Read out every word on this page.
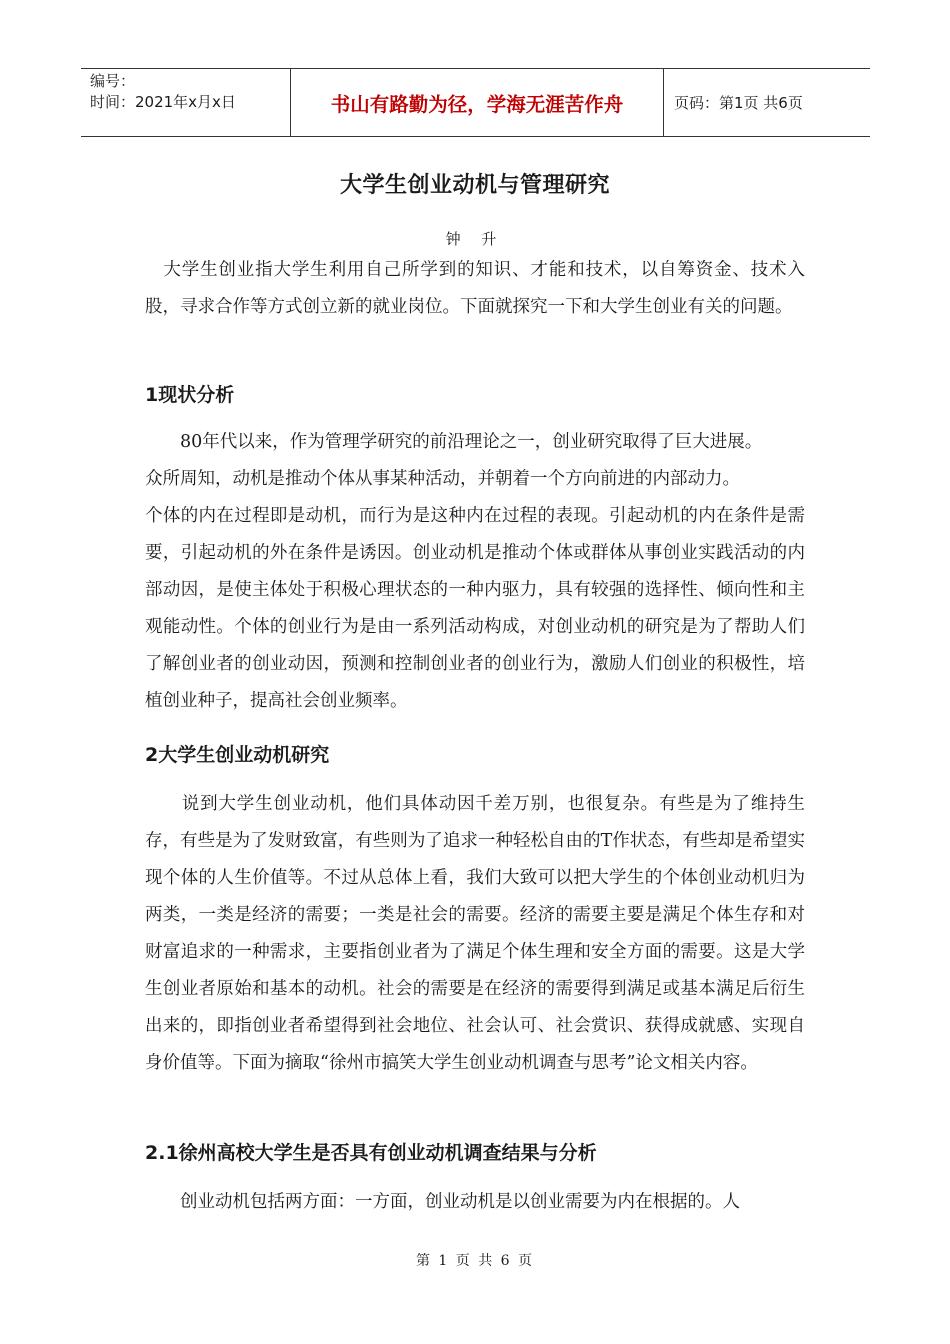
编号：
时间：2021年x月x日	书山有路勤为径，学海无涯苦作舟	页码：第1页 共6页
大学生创业动机与管理研究
钟 升
　大学生创业指大学生利用自己所学到的知识、才能和技术，以自筹资金、技术入股，寻求合作等方式创立新的就业岗位。下面就探究一下和大学生创业有关的问题。
1现状分析
　　80年代以来，作为管理学研究的前沿理论之一，创业研究取得了巨大进展。
众所周知，动机是推动个体从事某种活动，并朝着一个方向前进的内部动力。
个体的内在过程即是动机，而行为是这种内在过程的表现。引起动机的内在条件是需要，引起动机的外在条件是诱因。创业动机是推动个体或群体从事创业实践活动的内部动因，是使主体处于积极心理状态的一种内驱力，具有较强的选择性、倾向性和主观能动性。个体的创业行为是由一系列活动构成，对创业动机的研究是为了帮助人们了解创业者的创业动因，预测和控制创业者的创业行为，激励人们创业的积极性，培植创业种子，提高社会创业频率。
2大学生创业动机研究
　　说到大学生创业动机，他们具体动因千差万别，也很复杂。有些是为了维持生存，有些是为了发财致富，有些则为了追求一种轻松自由的T作状态，有些却是希望实现个体的人生价值等。不过从总体上看，我们大致可以把大学生的个体创业动机归为两类，一类是经济的需要；一类是社会的需要。经济的需要主要是满足个体生存和对财富追求的一种需求，主要指创业者为了满足个体生理和安全方面的需要。这是大学生创业者原始和基本的动机。社会的需要是在经济的需要得到满足或基本满足后衍生出来的，即指创业者希望得到社会地位、社会认可、社会赏识、获得成就感、实现自身价值等。下面为摘取“徐州市搞笑大学生创业动机调查与思考”论文相关内容。
2.1徐州高校大学生是否具有创业动机调查结果与分析
　　创业动机包括两方面：一方面，创业动机是以创业需要为内在根据的。人
第 1 页 共 6 页
